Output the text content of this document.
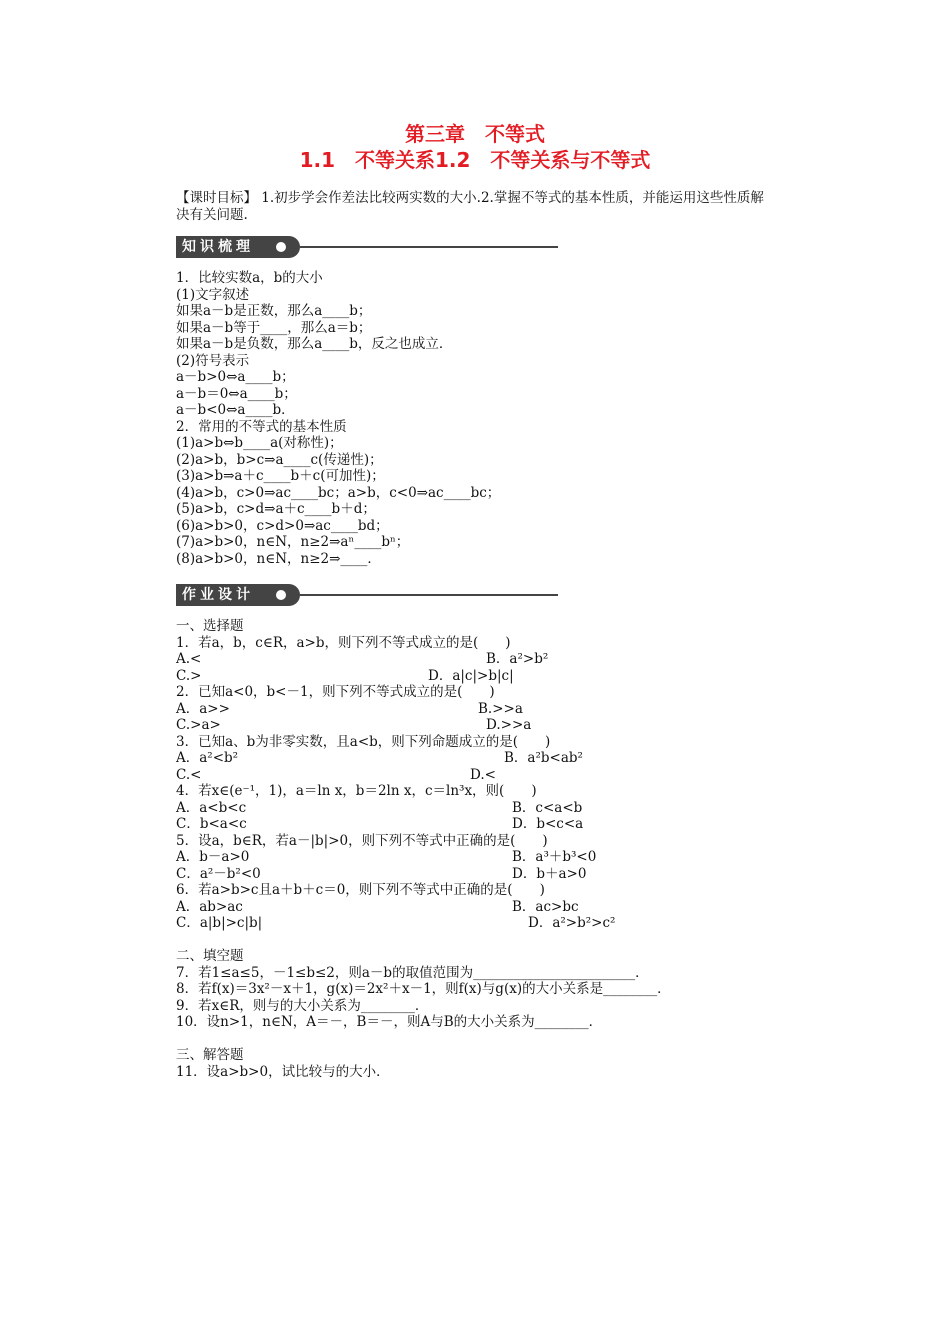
第三章　不等式
1.1　不等关系1.2　不等关系与不等式
【课时目标】 1.初步学会作差法比较两实数的大小.2.掌握不等式的基本性质，并能运用这些性质解决有关问题.
知识梳理
1．比较实数a，b的大小
(1)文字叙述
如果a－b是正数，那么a____b；
如果a－b等于____，那么a＝b；
如果a－b是负数，那么a____b，反之也成立．
(2)符号表示
a－b>0⇔a____b；
a－b＝0⇔a____b；
a－b<0⇔a____b．
2．常用的不等式的基本性质
(1)a>b⇔b____a(对称性)；
(2)a>b，b>c⇒a____c(传递性)；
(3)a>b⇒a＋c____b＋c(可加性)；
(4)a>b，c>0⇒ac____bc；a>b，c<0⇒ac____bc；
(5)a>b，c>d⇒a＋c____b＋d；
(6)a>b>0，c>d>0⇒ac____bd；
(7)a>b>0，n∈N，n≥2⇒aⁿ____bⁿ；
(8)a>b>0，n∈N，n≥2⇒____．
作业设计
一、选择题
1．若a，b，c∈R，a>b，则下列不等式成立的是(　　)
A.<	B．a²>b²
C.>	D．a|c|>b|c|
2．已知a<0，b<－1，则下列不等式成立的是(　　)
A．a>>	B.>>a
C.>a>	D.>>a
3．已知a、b为非零实数，且a<b，则下列命题成立的是(　　)
A．a²<b²	B．a²b<ab²
C.<	D.<
4．若x∈(e⁻¹，1)，a＝ln x，b＝2ln x，c＝ln³x，则(　　)
A．a<b<c	B．c<a<b
C．b<a<c	D．b<c<a
5．设a，b∈R，若a－|b|>0，则下列不等式中正确的是(　　)
A．b－a>0	B．a³＋b³<0
C．a²－b²<0	D．b＋a>0
6．若a>b>c且a＋b＋c＝0，则下列不等式中正确的是(　　)
A．ab>ac	B．ac>bc
C．a|b|>c|b|	D．a²>b²>c²
二、填空题
7．若1≤a≤5，－1≤b≤2，则a－b的取值范围为________________________．
8．若f(x)＝3x²－x＋1，g(x)＝2x²＋x－1，则f(x)与g(x)的大小关系是________．
9．若x∈R，则与的大小关系为________．
10．设n>1，n∈N，A＝－，B＝－，则A与B的大小关系为________．
三、解答题
11．设a>b>0，试比较与的大小．
